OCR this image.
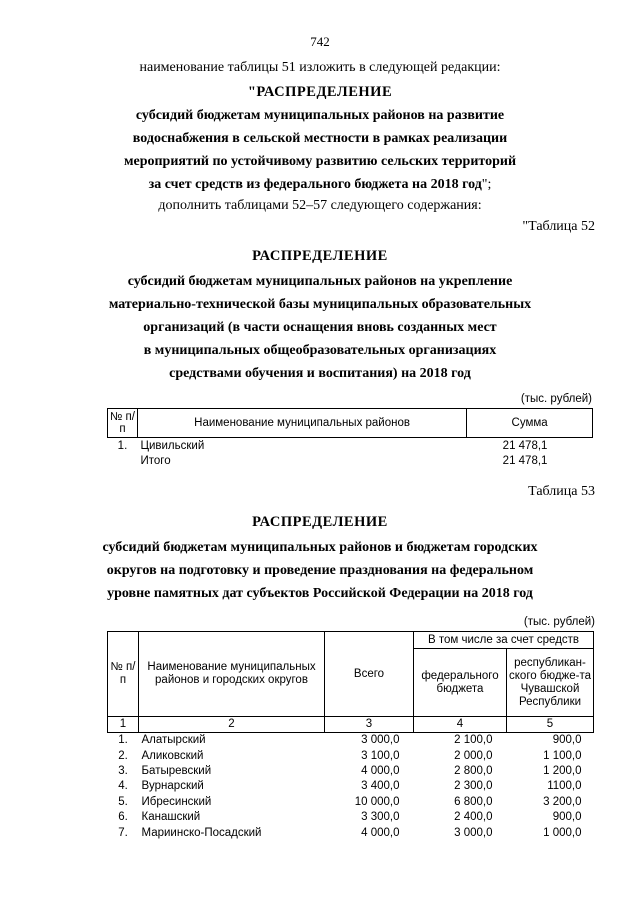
742
наименование таблицы 51 изложить в следующей редакции:
"РАСПРЕДЕЛЕНИЕ
субсидий бюджетам муниципальных районов на развитие
водоснабжения в сельской местности в рамках реализации
мероприятий по устойчивому развитию сельских территорий
за счет средств из федерального бюджета на 2018 год";
дополнить таблицами 52–57 следующего содержания:
"Таблица 52
РАСПРЕДЕЛЕНИЕ
субсидий бюджетам муниципальных районов на укрепление
материально-технической базы муниципальных образовательных
организаций (в части оснащения вновь созданных мест
в муниципальных общеобразовательных организациях
средствами обучения и воспитания) на 2018 год
(тыс. рублей)
№ п/п	Наименование муниципальных районов	Сумма
1.	Цивильский	21 478,1
	Итого	21 478,1
Таблица 53
РАСПРЕДЕЛЕНИЕ
субсидий бюджетам муниципальных районов и бюджетам городских
округов на подготовку и проведение празднования на федеральном
уровне памятных дат субъектов Российской Федерации на 2018 год
(тыс. рублей)
№ п/п	Наименование муниципальных районов и городских округов	Всего	В том числе за счет средств	
			федерального бюджета	республикан-ского бюдже-та Чувашской Республики
1	2	3	4	5
1.	Алатырский	3 000,0	2 100,0	900,0
2.	Аликовский	3 100,0	2 000,0	1 100,0
3.	Батыревский	4 000,0	2 800,0	1 200,0
4.	Вурнарский	3 400,0	2 300,0	1100,0
5.	Ибресинский	10 000,0	6 800,0	3 200,0
6.	Канашский	3 300,0	2 400,0	900,0
7.	Мариинско-Посадский	4 000,0	3 000,0	1 000,0
